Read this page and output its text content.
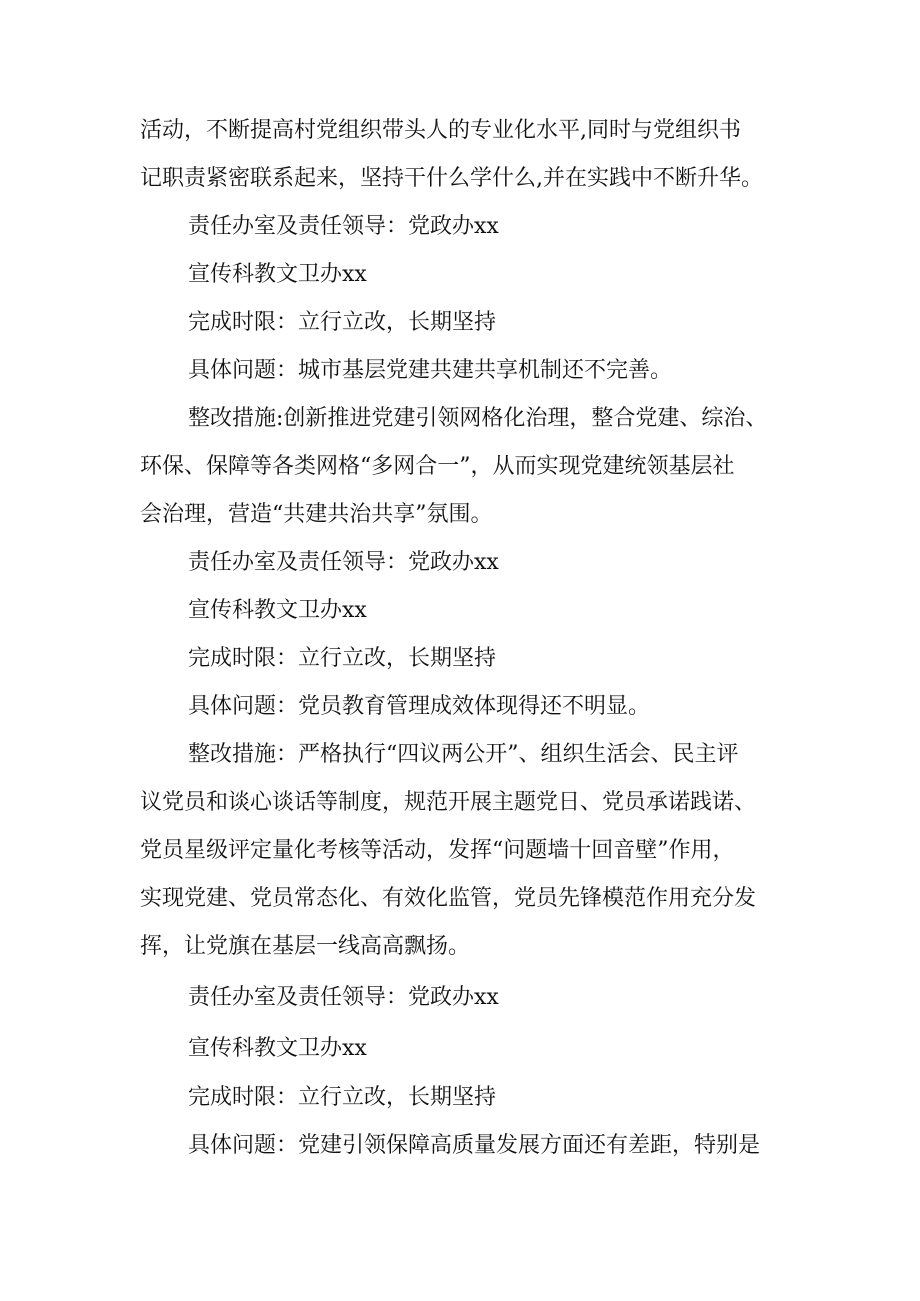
活动，不断提高村党组织带头人的专业化水平,同时与党组织书
记职责紧密联系起来，坚持干什么学什么,并在实践中不断升华。
责任办室及责任领导：党政办xx
宣传科教文卫办xx
完成时限：立行立改，长期坚持
具体问题：城市基层党建共建共享机制还不完善。
整改措施:创新推进党建引领网格化治理，整合党建、综治、
环保、保障等各类网格“多网合一”，从而实现党建统领基层社
会治理，营造“共建共治共享”氛围。
责任办室及责任领导：党政办xx
宣传科教文卫办xx
完成时限：立行立改，长期坚持
具体问题：党员教育管理成效体现得还不明显。
整改措施：严格执行“四议两公开”、组织生活会、民主评
议党员和谈心谈话等制度，规范开展主题党日、党员承诺践诺、
党员星级评定量化考核等活动，发挥“问题墙十回音壁”作用，
实现党建、党员常态化、有效化监管，党员先锋模范作用充分发
挥，让党旗在基层一线高高飘扬。
责任办室及责任领导：党政办xx
宣传科教文卫办xx
完成时限：立行立改，长期坚持
具体问题：党建引领保障高质量发展方面还有差距，特别是
